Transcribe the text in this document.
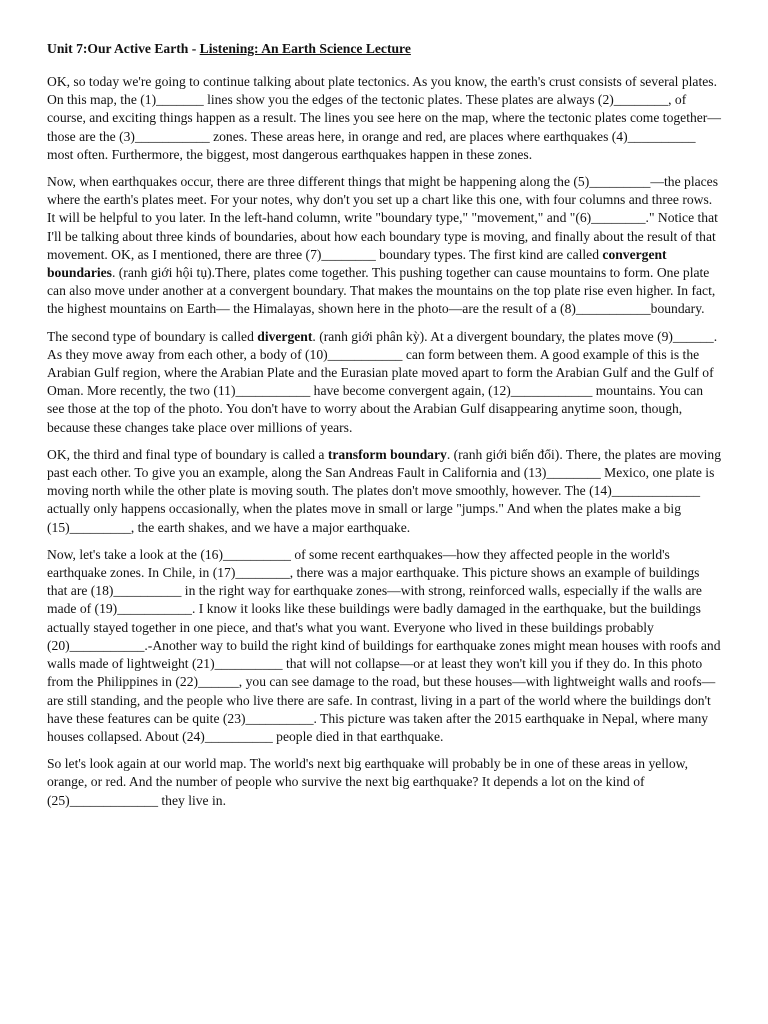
Unit 7:Our Active Earth - Listening: An Earth Science Lecture

OK, so today we're going to continue talking about plate tectonics. As you know, the earth's crust consists of several plates. On this map, the (1)_______ lines show you the edges of the tectonic plates. These plates are always (2)________, of course, and exciting things happen as a result. The lines you see here on the map, where the tectonic plates come together—those are the (3)___________ zones. These areas here, in orange and red, are places where earthquakes (4)__________ most often. Furthermore, the biggest, most dangerous earthquakes happen in these zones.

Now, when earthquakes occur, there are three different things that might be happening along the (5)_________—the places where the earth's plates meet. For your notes, why don't you set up a chart like this one, with four columns and three rows. It will be helpful to you later. In the left-hand column, write "boundary type," "movement," and "(6)________." Notice that I'll be talking about three kinds of boundaries, about how each boundary type is moving, and finally about the result of that movement. OK, as I mentioned, there are three (7)________ boundary types. The first kind are called convergent boundaries. (ranh giới hội tụ).There, plates come together. This pushing together can cause mountains to form. One plate can also move under another at a convergent boundary. That makes the mountains on the top plate rise even higher. In fact, the highest mountains on Earth— the Himalayas, shown here in the photo—are the result of a (8)___________boundary.

The second type of boundary is called divergent. (ranh giới phân kỳ). At a divergent boundary, the plates move (9)______. As they move away from each other, a body of (10)___________ can form between them. A good example of this is the Arabian Gulf region, where the Arabian Plate and the Eurasian plate moved apart to form the Arabian Gulf and the Gulf of Oman. More recently, the two (11)___________ have become convergent again, (12)____________ mountains. You can see those at the top of the photo. You don't have to worry about the Arabian Gulf disappearing anytime soon, though, because these changes take place over millions of years.

OK, the third and final type of boundary is called a transform boundary. (ranh giới biến đổi). There, the plates are moving past each other. To give you an example, along the San Andreas Fault in California and (13)________ Mexico, one plate is moving north while the other plate is moving south. The plates don't move smoothly, however. The (14)_____________ actually only happens occasionally, when the plates move in small or large "jumps." And when the plates make a big (15)_________, the earth shakes, and we have a major earthquake.

Now, let's take a look at the (16)__________ of some recent earthquakes—how they affected people in the world's earthquake zones. In Chile, in (17)________, there was a major earthquake. This picture shows an example of buildings that are (18)__________ in the right way for earthquake zones—with strong, reinforced walls, especially if the walls are made of (19)___________. I know it looks like these buildings were badly damaged in the earthquake, but the buildings actually stayed together in one piece, and that's what you want. Everyone who lived in these buildings probably (20)___________.-Another way to build the right kind of buildings for earthquake zones might mean houses with roofs and walls made of lightweight (21)__________ that will not collapse—or at least they won't kill you if they do. In this photo from the Philippines in (22)______, you can see damage to the road, but these houses—with lightweight walls and roofs—are still standing, and the people who live there are safe. In contrast, living in a part of the world where the buildings don't have these features can be quite (23)__________. This picture was taken after the 2015 earthquake in Nepal, where many houses collapsed. About (24)__________ people died in that earthquake.

So let's look again at our world map. The world's next big earthquake will probably be in one of these areas in yellow, orange, or red. And the number of people who survive the next big earthquake? It depends a lot on the kind of (25)_____________ they live in.
